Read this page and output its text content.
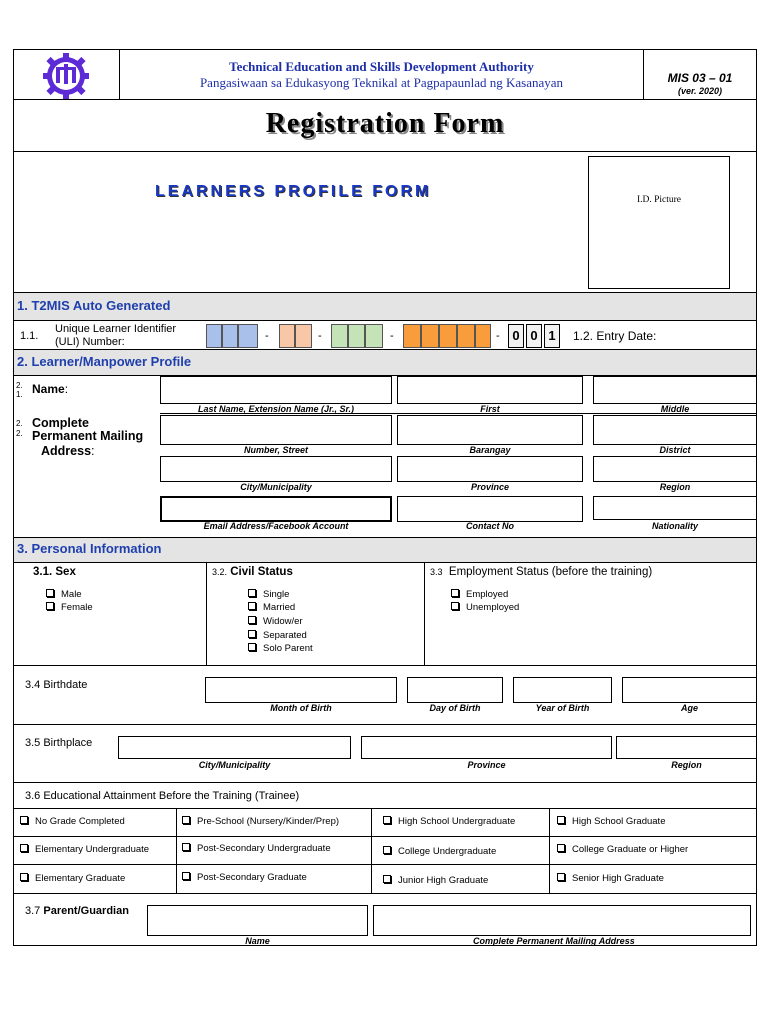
Technical Education and Skills Development Authority
Pangasiwaan sa Edukasyong Teknikal at Pagpapaunlad ng Kasanayan	MIS 03 – 01
(ver. 2020)
Registration Form
LEARNERS PROFILE FORM	I.D. Picture
1. T2MIS Auto Generated
1.1.
Unique Learner Identifier
(ULI) Number:	-	-	-	- 0 0 1	1.2. Entry Date:
2. Learner/Manpower Profile
2.
1. Name:
2.
2.
Complete
Permanent Mailing
Address:
Last Name, Extension Name (Jr., Sr.)	First	Middle
Number, Street	Barangay	District
City/Municipality	Province	Region
Email Address/Facebook Account	Contact No	Nationality
3. Personal Information
3.1. Sex
Male
Female
3.2. Civil Status
Single
Married
Widow/er
Separated
Solo Parent
3.3 Employment Status (before the training)
Employed
Unemployed
3.4 Birthdate
Month of Birth	Day of Birth	Year of Birth	Age
3.5 Birthplace
City/Municipality	Province	Region
3.6 Educational Attainment Before the Training (Trainee)
No Grade Completed	Pre-School (Nursery/Kinder/Prep)	High School Undergraduate	High School Graduate
Elementary Undergraduate	Post-Secondary Undergraduate	College Undergraduate	College Graduate or Higher
Elementary Graduate	Post-Secondary Graduate	Junior High Graduate	Senior High Graduate
3.7 Parent/Guardian
Name	Complete Permanent Mailing Address
